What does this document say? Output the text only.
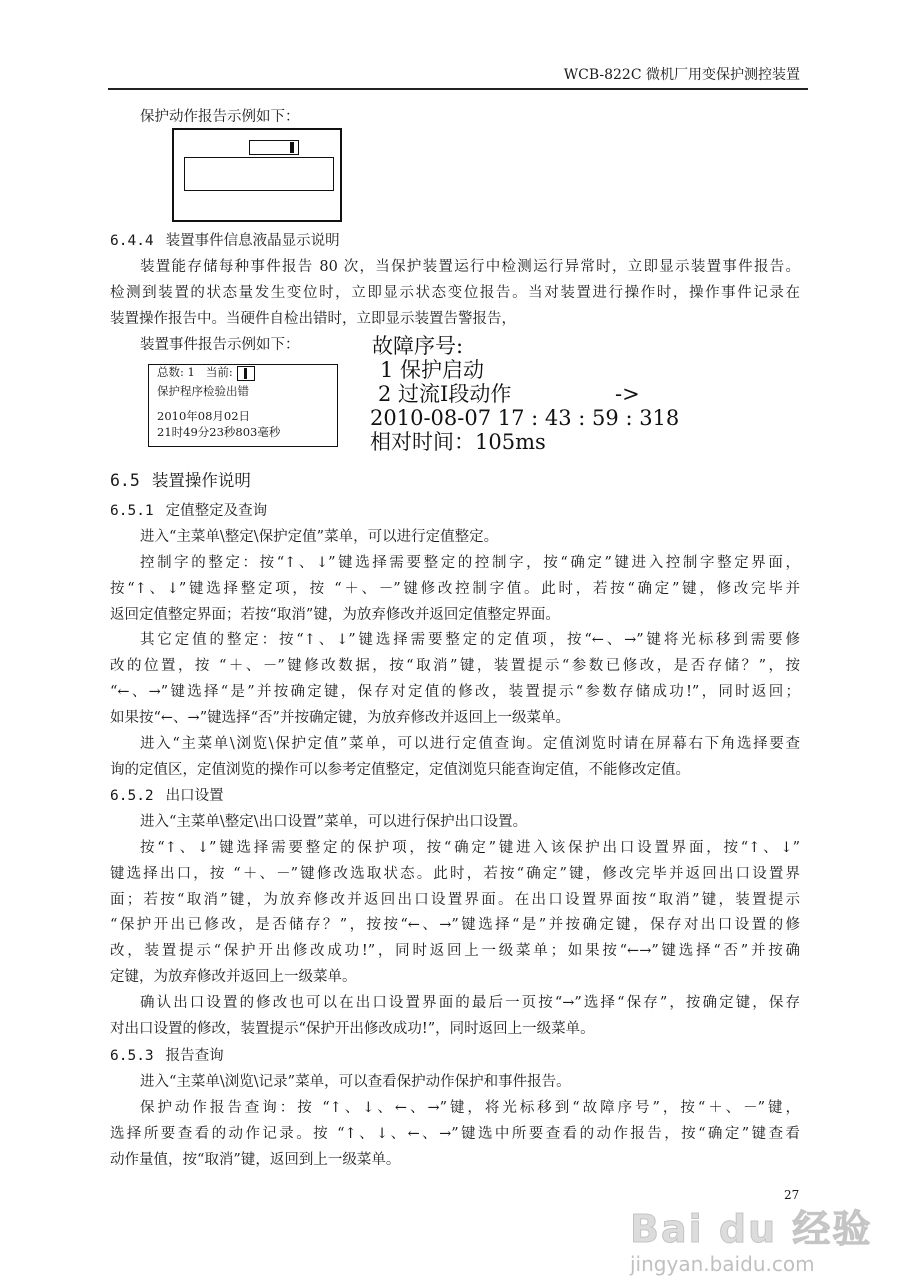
WCB-822C 微机厂用变保护测控装置
保护动作报告示例如下：
6.4.4 装置事件信息液晶显示说明
装置能存储每种事件报告 80 次，当保护装置运行中检测运行异常时，立即显示装置事件报告。
检测到装置的状态量发生变位时，立即显示状态变位报告。当对装置进行操作时，操作事件记录在
装置操作报告中。当硬件自检出错时，立即显示装置告警报告，
装置事件报告示例如下：
总数: 1 当前:
保护程序检验出错
2010年08月02日
21时49分23秒803毫秒
故障序号:
1 保护启动
2 过流I段动作	->
2010-08-07 17 : 43 : 59 : 318
相对时间：105ms
6.5 装置操作说明
6.5.1 定值整定及查询
进入“主菜单\整定\保护定值”菜单，可以进行定值整定。
控制字的整定：按“↑、↓”键选择需要整定的控制字，按“确定”键进入控制字整定界面，
按“↑、↓”键选择整定项，按 “＋、－”键修改控制字值。此时，若按“确定”键，修改完毕并
返回定值整定界面；若按“取消”键，为放弃修改并返回定值整定界面。
其它定值的整定：按“↑、↓”键选择需要整定的定值项，按“←、→”键将光标移到需要修
改的位置，按 “＋、－”键修改数据，按“取消”键，装置提示“参数已修改，是否存储？”，按
“←、→”键选择“是”并按确定键，保存对定值的修改，装置提示“参数存储成功!”，同时返回；
如果按“←、→”键选择“否”并按确定键，为放弃修改并返回上一级菜单。
进入“主菜单\浏览\保护定值”菜单，可以进行定值查询。定值浏览时请在屏幕右下角选择要查
询的定值区，定值浏览的操作可以参考定值整定，定值浏览只能查询定值，不能修改定值。
6.5.2 出口设置
进入“主菜单\整定\出口设置”菜单，可以进行保护出口设置。
按“↑、↓”键选择需要整定的保护项，按“确定”键进入该保护出口设置界面，按“↑、↓”
键选择出口，按 “＋、－”键修改选取状态。此时，若按“确定”键，修改完毕并返回出口设置界
面；若按“取消”键，为放弃修改并返回出口设置界面。在出口设置界面按“取消”键，装置提示
“保护开出已修改，是否储存？”，按按“←、→”键选择“是”并按确定键，保存对出口设置的修
改，装置提示“保护开出修改成功!”，同时返回上一级菜单；如果按“←→”键选择“否”并按确
定键，为放弃修改并返回上一级菜单。
确认出口设置的修改也可以在出口设置界面的最后一页按“→”选择“保存”，按确定键，保存
对出口设置的修改，装置提示“保护开出修改成功!”，同时返回上一级菜单。
6.5.3 报告查询
进入“主菜单\浏览\记录”菜单，可以查看保护动作保护和事件报告。
保护动作报告查询：按 “↑、↓、←、→”键，将光标移到“故障序号”，按“＋、－”键，
选择所要查看的动作记录。按 “↑、↓、←、→”键选中所要查看的动作报告，按“确定”键查看
动作量值，按“取消”键，返回到上一级菜单。
27
Bai du 经验
jingyan.baidu.com
